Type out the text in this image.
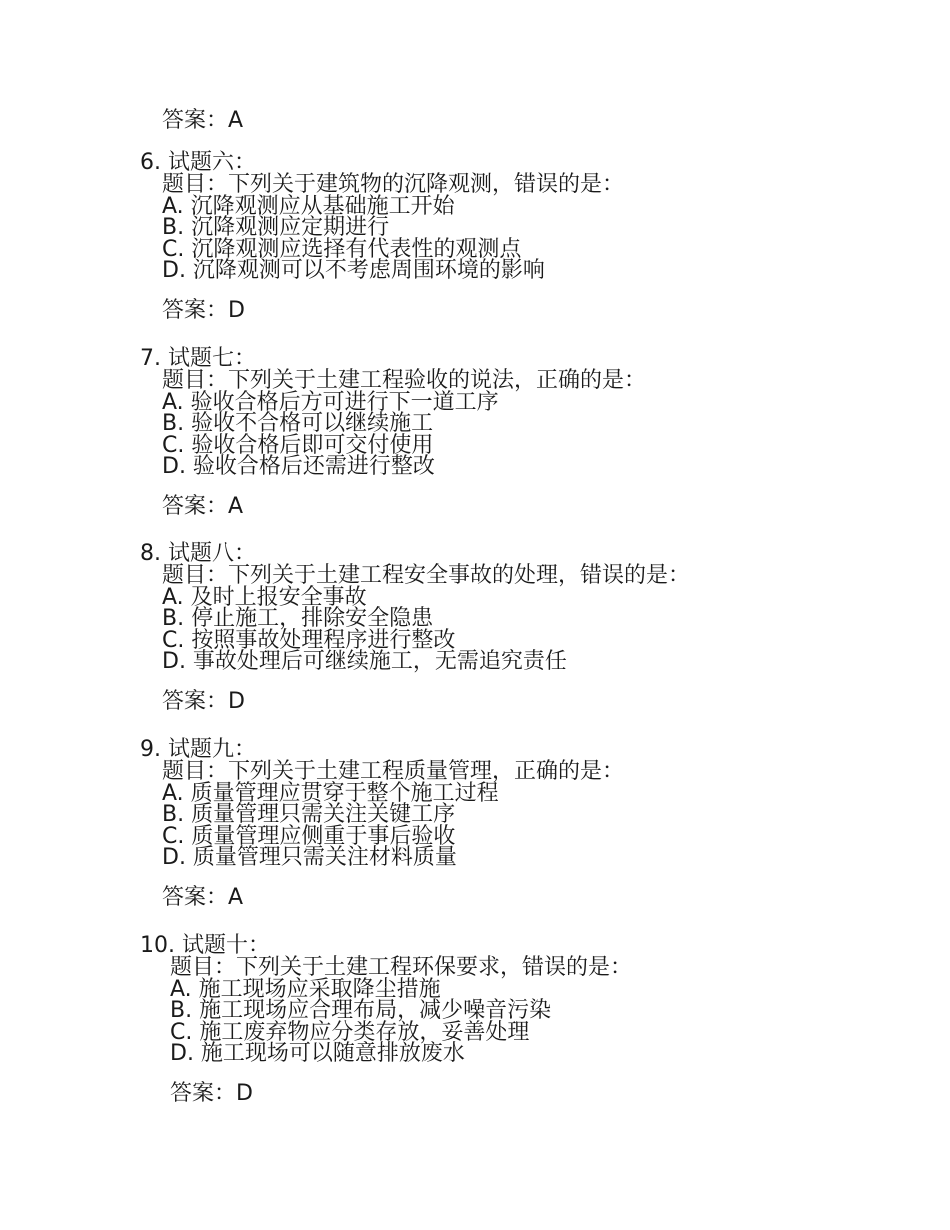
答案：A
6. 试题六：
题目：下列关于建筑物的沉降观测，错误的是：
A. 沉降观测应从基础施工开始
B. 沉降观测应定期进行
C. 沉降观测应选择有代表性的观测点
D. 沉降观测可以不考虑周围环境的影响
答案：D
7. 试题七：
题目：下列关于土建工程验收的说法，正确的是：
A. 验收合格后方可进行下一道工序
B. 验收不合格可以继续施工
C. 验收合格后即可交付使用
D. 验收合格后还需进行整改
答案：A
8. 试题八：
题目：下列关于土建工程安全事故的处理，错误的是：
A. 及时上报安全事故
B. 停止施工，排除安全隐患
C. 按照事故处理程序进行整改
D. 事故处理后可继续施工，无需追究责任
答案：D
9. 试题九：
题目：下列关于土建工程质量管理，正确的是：
A. 质量管理应贯穿于整个施工过程
B. 质量管理只需关注关键工序
C. 质量管理应侧重于事后验收
D. 质量管理只需关注材料质量
答案：A
10. 试题十：
题目：下列关于土建工程环保要求，错误的是：
A. 施工现场应采取降尘措施
B. 施工现场应合理布局，减少噪音污染
C. 施工废弃物应分类存放，妥善处理
D. 施工现场可以随意排放废水
答案：D
